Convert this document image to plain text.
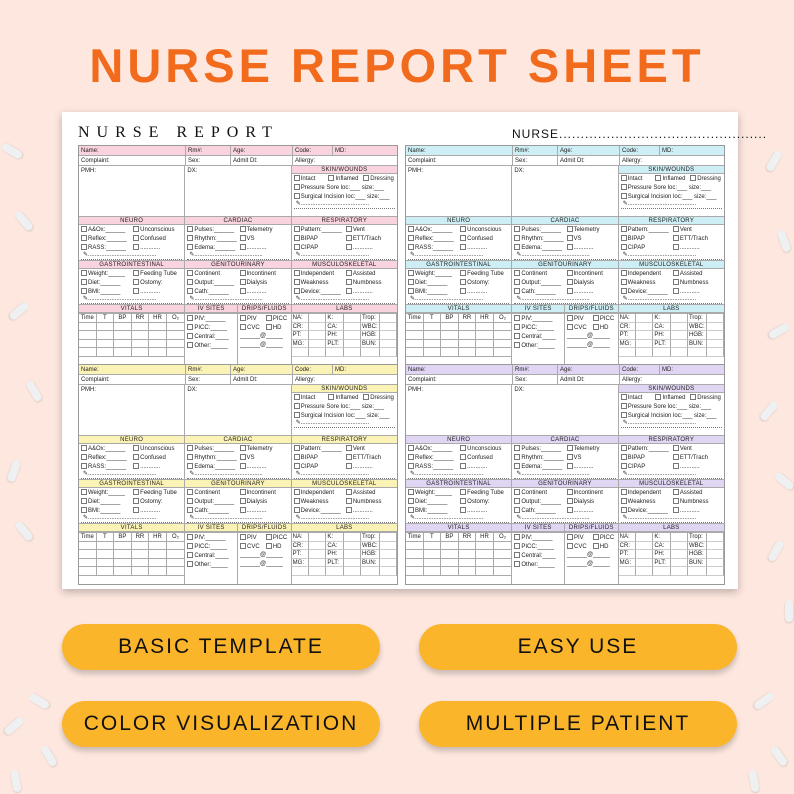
NURSE REPORT SHEET
NURSE REPORT	NURSE................................................
Name:	Rm#:	Age:	Code:	MD:
Complaint:	Sex:	Admit Dt:	Allergy:
PMH:	DX:	SKIN/WOUNDS
Intact	Inflamed	Dressing
Pressure Sore loc:___ size:___
Surgical Incision loc:___ size:___
✎.........................................
NEURO
A&Ox:______	Unconscious
Reflex:______	Confused
RASS:______	............
✎.........................................
CARDIAC
Pulses:______	Telemetry
Rhythm:______	VS
Edema:______	............
✎.........................................
RESPIRATORY
Pattern:______	Vent
BIPAP	ETT/Trach
CIPAP	............
✎.........................................
GASTROINTESTINAL
Weight:_____	Feeding Tube
Diet:______	Ostomy:
BMI:______	............
✎.........................................
GENITOURINARY
Continent	Incontinent
Output:______	Dialysis
Cath:______	............
✎.........................................
MUSCULOSKELETAL
Independent	Assisted
Weakness	Numbness
Device:______	............
✎.........................................
VITALS	IV SITES	DRIPS/FLUIDS	LABS
Time	T	BP	RR	HR	O₂	PIV:______
PICC:_____
Central:____
Other:_____
PIV	PICC
CVC	HD
______@_____
______@_____
NA:	K:	Trop:
CR:	CA:	WBC:
PT:	PH:	HGB:
MG:	PLT:	BUN:
Name:	Rm#:	Age:	Code:	MD:
Complaint:	Sex:	Admit Dt:	Allergy:
PMH:	DX:	SKIN/WOUNDS
Intact	Inflamed	Dressing
Pressure Sore loc:___ size:___
Surgical Incision loc:___ size:___
✎.........................................
NEURO
A&Ox:______	Unconscious
Reflex:______	Confused
RASS:______	............
✎.........................................
CARDIAC
Pulses:______	Telemetry
Rhythm:______	VS
Edema:______	............
✎.........................................
RESPIRATORY
Pattern:______	Vent
BIPAP	ETT/Trach
CIPAP	............
✎.........................................
GASTROINTESTINAL
Weight:_____	Feeding Tube
Diet:______	Ostomy:
BMI:______	............
✎.........................................
GENITOURINARY
Continent	Incontinent
Output:______	Dialysis
Cath:______	............
✎.........................................
MUSCULOSKELETAL
Independent	Assisted
Weakness	Numbness
Device:______	............
✎.........................................
VITALS	IV SITES	DRIPS/FLUIDS	LABS
Time	T	BP	RR	HR	O₂	PIV:______
PICC:_____
Central:____
Other:_____
PIV	PICC
CVC	HD
______@_____
______@_____
NA:	K:	Trop:
CR:	CA:	WBC:
PT:	PH:	HGB:
MG:	PLT:	BUN:
Name:	Rm#:	Age:	Code:	MD:
Complaint:	Sex:	Admit Dt:	Allergy:
PMH:	DX:	SKIN/WOUNDS
Intact	Inflamed	Dressing
Pressure Sore loc:___ size:___
Surgical Incision loc:___ size:___
✎.........................................
NEURO
A&Ox:______	Unconscious
Reflex:______	Confused
RASS:______	............
✎.........................................
CARDIAC
Pulses:______	Telemetry
Rhythm:______	VS
Edema:______	............
✎.........................................
RESPIRATORY
Pattern:______	Vent
BIPAP	ETT/Trach
CIPAP	............
✎.........................................
GASTROINTESTINAL
Weight:_____	Feeding Tube
Diet:______	Ostomy:
BMI:______	............
✎.........................................
GENITOURINARY
Continent	Incontinent
Output:______	Dialysis
Cath:______	............
✎.........................................
MUSCULOSKELETAL
Independent	Assisted
Weakness	Numbness
Device:______	............
✎.........................................
VITALS	IV SITES	DRIPS/FLUIDS	LABS
Time	T	BP	RR	HR	O₂	PIV:______
PICC:_____
Central:____
Other:_____
PIV	PICC
CVC	HD
______@_____
______@_____
NA:	K:	Trop:
CR:	CA:	WBC:
PT:	PH:	HGB:
MG:	PLT:	BUN:
Name:	Rm#:	Age:	Code:	MD:
Complaint:	Sex:	Admit Dt:	Allergy:
PMH:	DX:	SKIN/WOUNDS
Intact	Inflamed	Dressing
Pressure Sore loc:___ size:___
Surgical Incision loc:___ size:___
✎.........................................
NEURO
A&Ox:______	Unconscious
Reflex:______	Confused
RASS:______	............
✎.........................................
CARDIAC
Pulses:______	Telemetry
Rhythm:______	VS
Edema:______	............
✎.........................................
RESPIRATORY
Pattern:______	Vent
BIPAP	ETT/Trach
CIPAP	............
✎.........................................
GASTROINTESTINAL
Weight:_____	Feeding Tube
Diet:______	Ostomy:
BMI:______	............
✎.........................................
GENITOURINARY
Continent	Incontinent
Output:______	Dialysis
Cath:______	............
✎.........................................
MUSCULOSKELETAL
Independent	Assisted
Weakness	Numbness
Device:______	............
✎.........................................
VITALS	IV SITES	DRIPS/FLUIDS	LABS
Time	T	BP	RR	HR	O₂	PIV:______
PICC:_____
Central:____
Other:_____
PIV	PICC
CVC	HD
______@_____
______@_____
NA:	K:	Trop:
CR:	CA:	WBC:
PT:	PH:	HGB:
MG:	PLT:	BUN:
BASIC TEMPLATE	EASY USE
COLOR VISUALIZATION	MULTIPLE PATIENT
